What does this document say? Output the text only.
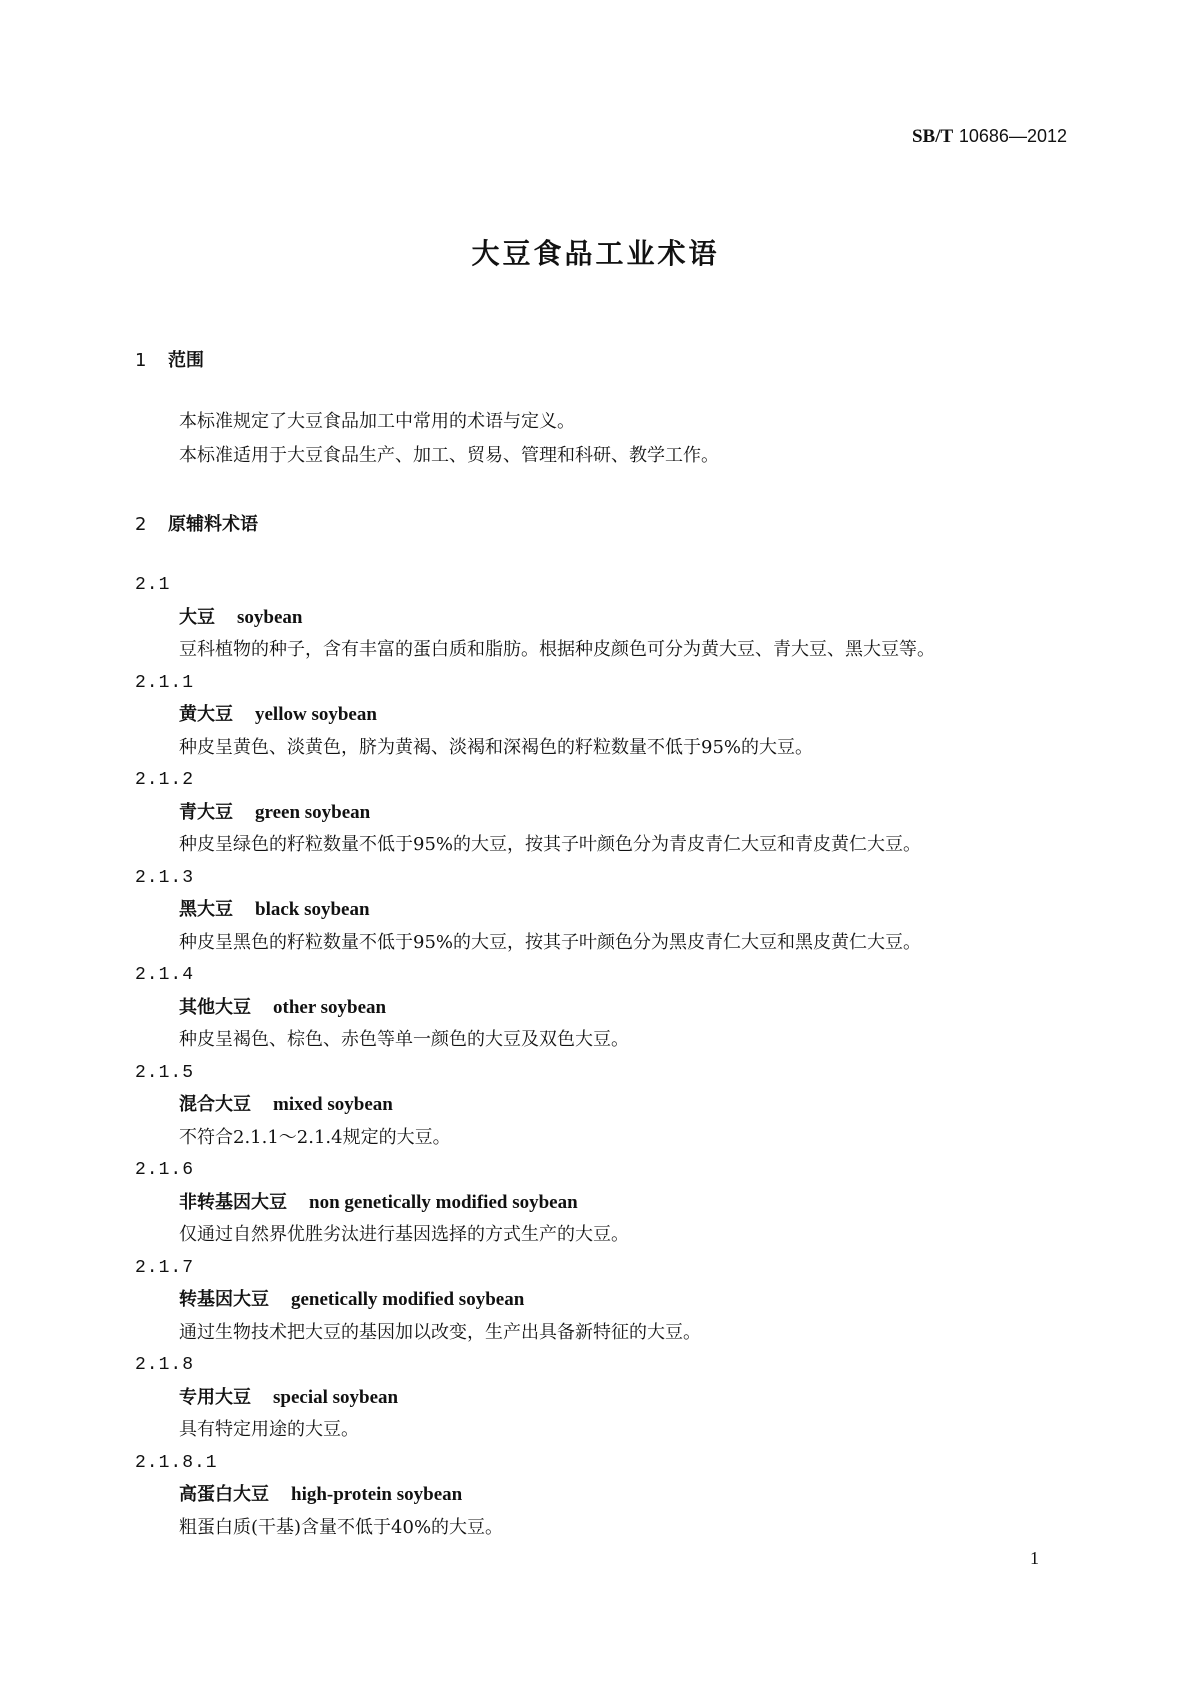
SB/T 10686—2012
大豆食品工业术语
1 范围
本标准规定了大豆食品加工中常用的术语与定义。
本标准适用于大豆食品生产、加工、贸易、管理和科研、教学工作。
2 原辅料术语
2.1
大豆 soybean
豆科植物的种子，含有丰富的蛋白质和脂肪。根据种皮颜色可分为黄大豆、青大豆、黑大豆等。
2.1.1
黄大豆 yellow soybean
种皮呈黄色、淡黄色，脐为黄褐、淡褐和深褐色的籽粒数量不低于95%的大豆。
2.1.2
青大豆 green soybean
种皮呈绿色的籽粒数量不低于95%的大豆，按其子叶颜色分为青皮青仁大豆和青皮黄仁大豆。
2.1.3
黑大豆 black soybean
种皮呈黑色的籽粒数量不低于95%的大豆，按其子叶颜色分为黑皮青仁大豆和黑皮黄仁大豆。
2.1.4
其他大豆 other soybean
种皮呈褐色、棕色、赤色等单一颜色的大豆及双色大豆。
2.1.5
混合大豆 mixed soybean
不符合2.1.1～2.1.4规定的大豆。
2.1.6
非转基因大豆 non genetically modified soybean
仅通过自然界优胜劣汰进行基因选择的方式生产的大豆。
2.1.7
转基因大豆 genetically modified soybean
通过生物技术把大豆的基因加以改变，生产出具备新特征的大豆。
2.1.8
专用大豆 special soybean
具有特定用途的大豆。
2.1.8.1
高蛋白大豆 high-protein soybean
粗蛋白质(干基)含量不低于40%的大豆。
1
